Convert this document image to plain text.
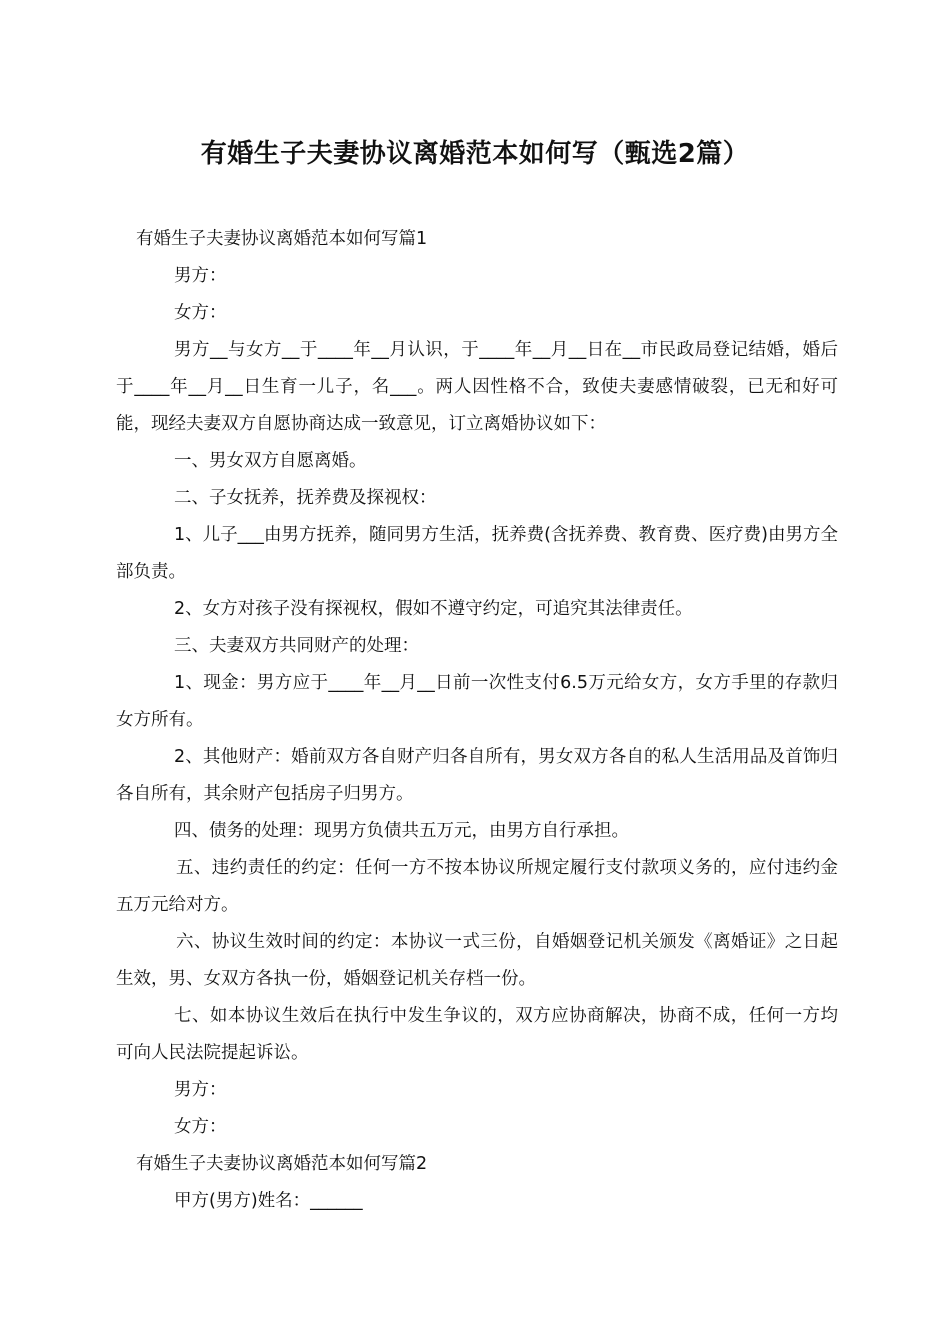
有婚生子夫妻协议离婚范本如何写（甄选2篇）

有婚生子夫妻协议离婚范本如何写篇1

男方：

女方：

男方__与女方__于____年__月认识，于____年__月__日在__市民政局登记结婚，婚后于____年__月__日生育一儿子，名___。两人因性格不合，致使夫妻感情破裂，已无和好可能，现经夫妻双方自愿协商达成一致意见，订立离婚协议如下：

一、男女双方自愿离婚。

二、子女抚养，抚养费及探视权：

1、儿子___由男方抚养，随同男方生活，抚养费(含抚养费、教育费、医疗费)由男方全部负责。

2、女方对孩子没有探视权，假如不遵守约定，可追究其法律责任。

三、夫妻双方共同财产的处理：

1、现金：男方应于____年__月__日前一次性支付6.5万元给女方，女方手里的存款归女方所有。

2、其他财产：婚前双方各自财产归各自所有，男女双方各自的私人生活用品及首饰归各自所有，其余财产包括房子归男方。

四、债务的处理：现男方负债共五万元，由男方自行承担。

五、违约责任的约定：任何一方不按本协议所规定履行支付款项义务的，应付违约金五万元给对方。

六、协议生效时间的约定：本协议一式三份，自婚姻登记机关颁发《离婚证》之日起生效，男、女双方各执一份，婚姻登记机关存档一份。

七、如本协议生效后在执行中发生争议的，双方应协商解决，协商不成，任何一方均可向人民法院提起诉讼。

男方：

女方：

有婚生子夫妻协议离婚范本如何写篇2

甲方(男方)姓名：______
